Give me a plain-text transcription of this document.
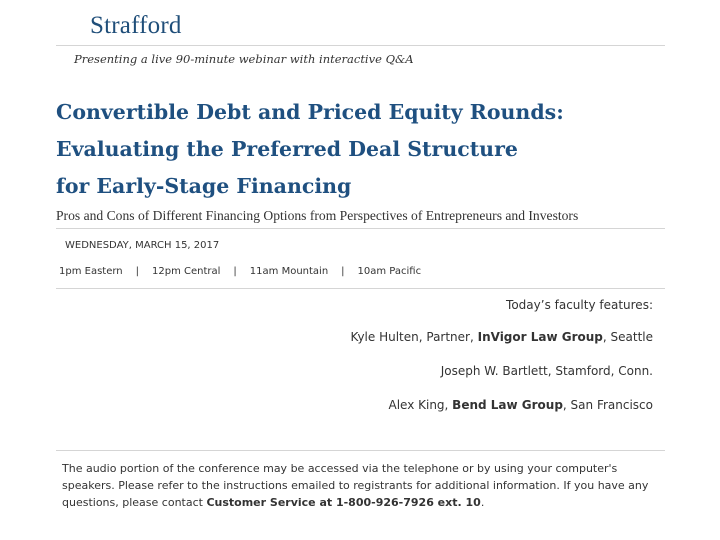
Strafford
Presenting a live 90-minute webinar with interactive Q&A
Convertible Debt and Priced Equity Rounds:
Evaluating the Preferred Deal Structure
for Early-Stage Financing
Pros and Cons of Different Financing Options from Perspectives of Entrepreneurs and Investors
WEDNESDAY, MARCH 15, 2017
1pm Eastern | 12pm Central | 11am Mountain | 10am Pacific
Today’s faculty features:
Kyle Hulten, Partner, InVigor Law Group, Seattle
Joseph W. Bartlett, Stamford, Conn.
Alex King, Bend Law Group, San Francisco
The audio portion of the conference may be accessed via the telephone or by using your computer's speakers. Please refer to the instructions emailed to registrants for additional information. If you have any questions, please contact Customer Service at 1-800-926-7926 ext. 10.
